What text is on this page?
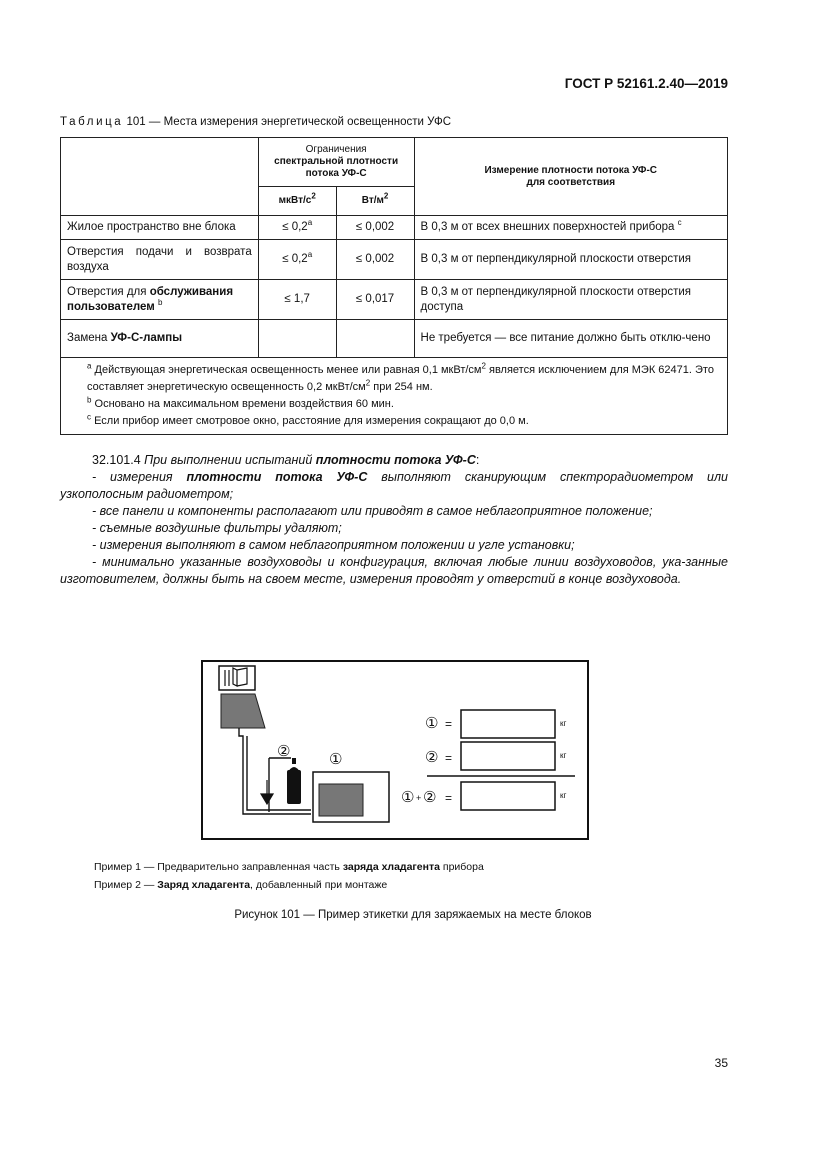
ГОСТ Р 52161.2.40—2019
Таблица 101 — Места измерения энергетической освещенности УФС
	Ограничения
спектральной плотности
потока УФ-С		Измерение плотности потока УФ-С
для соответствия
	мкВт/$с^2$	$Вт/м^2$
Жилое пространство вне блока	≤ 0,2$^a$	≤ 0,002	В 0,3 м от всех внешних поверхностей прибора $^c$
Отверстия подачи и возврата воздуха	≤ 0,2$^a$	≤ 0,002	В 0,3 м от перпендикулярной плоскости отверстия
Отверстия для обслуживания пользователем $^b$	≤ 1,7	≤ 0,017	В 0,3 м от перпендикулярной плоскости отверстия доступа
Замена УФ-С-лампы			Не требуется — все питание должно быть отклю-чено

$^a$ Действующая энергетическая освещенность менее или равная 0,1 мкВт/$см^2$ является исключением для МЭК 62471. Это составляет энергетическую освещенность 0,2 мкВт/$см^2$ при 254 нм.
$^b$ Основано на максимальном времени воздействия 60 мин.
$^c$ Если прибор имеет смотровое окно, расстояние для измерения сокращают до 0,0 м.			

32.101.4 При выполнении испытаний плотности потока УФ-С:

- измерения плотности потока УФ-С выполняют сканирующим спектрорадиометром или узкополосным радиометром;

- все панели и компоненты располагают или приводят в самое неблагоприятное положение;

- съемные воздушные фильтры удаляют;

- измерения выполняют в самом неблагоприятном положении и угле установки;

- минимально указанные воздуховоды и конфигурация, включая любые линии воздуховодов, ука-занные изготовителем, должны быть на своем месте, измерения проводят у отверстий в конце воздуховода.

②	①
① =	кг
② =	кг
① + ② =	кг
Пример 1 — Предварительно заправленная часть заряда хладагента прибора
Пример 2 — Заряд хладагента, добавленный при монтаже
Рисунок 101 — Пример этикетки для заряжаемых на месте блоков
35
